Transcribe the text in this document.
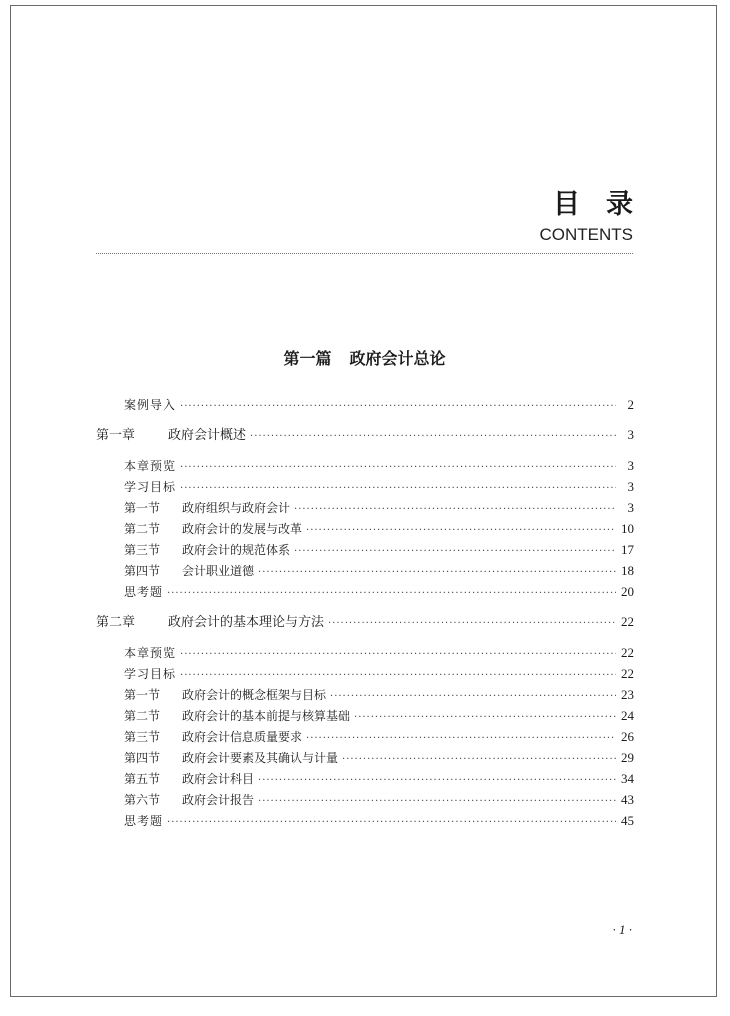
目录
CONTENTS
第一篇 政府会计总论
案例导入 ·····	2
第一章	政府会计概述 ·····	3
本章预览 ·····	3
学习目标 ·····	3
第一节 政府组织与政府会计 ·····	3
第二节 政府会计的发展与改革 ·····	10
第三节 政府会计的规范体系 ·····	17
第四节 会计职业道德 ·····	18
思考题 ·····	20
第二章	政府会计的基本理论与方法 ·····	22
本章预览 ·····	22
学习目标 ·····	22
第一节 政府会计的概念框架与目标 ·····	23
第二节 政府会计的基本前提与核算基础 ·····	24
第三节 政府会计信息质量要求 ·····	26
第四节 政府会计要素及其确认与计量 ·····	29
第五节 政府会计科目 ·····	34
第六节 政府会计报告 ·····	43
思考题 ·····	45
· 1 ·
